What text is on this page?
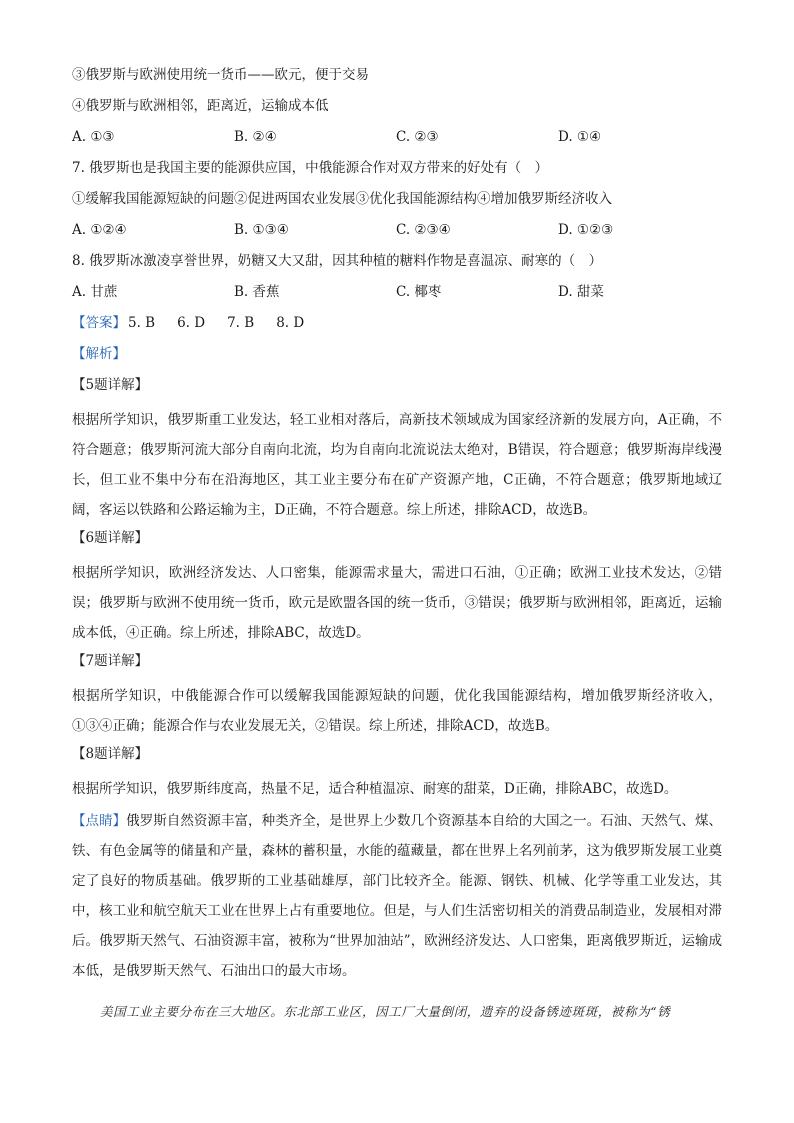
③俄罗斯与欧洲使用统一货币——欧元，便于交易
④俄罗斯与欧洲相邻，距离近，运输成本低
A. ①③	B. ②④	C. ②③	D. ①④
7. 俄罗斯也是我国主要的能源供应国，中俄能源合作对双方带来的好处有（　）
①缓解我国能源短缺的问题②促进两国农业发展③优化我国能源结构④增加俄罗斯经济收入
A. ①②④	B. ①③④	C. ②③④	D. ①②③
8. 俄罗斯冰激凌享誉世界，奶糖又大又甜，因其种植的糖料作物是喜温凉、耐寒的（　）
A. 甘蔗	B. 香蕉	C. 椰枣	D. 甜菜
【答案】 5. B 6. D 7. B 8. D
【解析】
【5题详解】
根据所学知识，俄罗斯重工业发达，轻工业相对落后，高新技术领域成为国家经济新的发展方向，A正确，不符合题意；俄罗斯河流大部分自南向北流，均为自南向北流说法太绝对，B错误，符合题意；俄罗斯海岸线漫长，但工业不集中分布在沿海地区，其工业主要分布在矿产资源产地，C正确，不符合题意；俄罗斯地域辽阔，客运以铁路和公路运输为主，D正确，不符合题意。综上所述，排除ACD，故选B。
【6题详解】
根据所学知识，欧洲经济发达、人口密集，能源需求量大，需进口石油，①正确；欧洲工业技术发达，②错误；俄罗斯与欧洲不使用统一货币，欧元是欧盟各国的统一货币，③错误；俄罗斯与欧洲相邻，距离近，运输成本低，④正确。综上所述，排除ABC，故选D。
【7题详解】
根据所学知识，中俄能源合作可以缓解我国能源短缺的问题，优化我国能源结构，增加俄罗斯经济收入，①③④正确；能源合作与农业发展无关，②错误。综上所述，排除ACD，故选B。
【8题详解】
根据所学知识，俄罗斯纬度高，热量不足，适合种植温凉、耐寒的甜菜，D正确，排除ABC，故选D。
【点睛】俄罗斯自然资源丰富，种类齐全，是世界上少数几个资源基本自给的大国之一。石油、天然气、煤、铁、有色金属等的储量和产量，森林的蓄积量，水能的蕴藏量，都在世界上名列前茅，这为俄罗斯发展工业奠定了良好的物质基础。俄罗斯的工业基础雄厚，部门比较齐全。能源、钢铁、机械、化学等重工业发达，其中，核工业和航空航天工业在世界上占有重要地位。但是，与人们生活密切相关的消费品制造业，发展相对滞后。俄罗斯天然气、石油资源丰富，被称为“世界加油站”，欧洲经济发达、人口密集，距离俄罗斯近，运输成本低，是俄罗斯天然气、石油出口的最大市场。
美国工业主要分布在三大地区。东北部工业区，因工厂大量倒闭，遗弃的设备锈迹斑斑，被称为“锈
